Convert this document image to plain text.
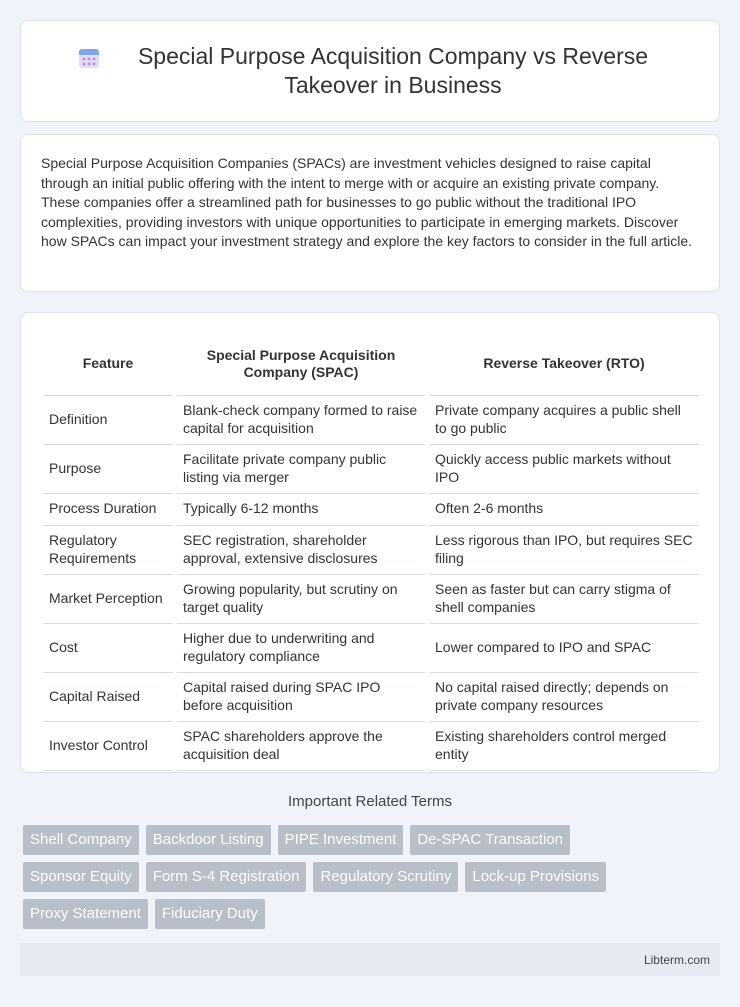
Special Purpose Acquisition Company vs Reverse Takeover in Business

Special Purpose Acquisition Companies (SPACs) are investment vehicles designed to raise capital through an initial public offering with the intent to merge with or acquire an existing private company. These companies offer a streamlined path for businesses to go public without the traditional IPO complexities, providing investors with unique opportunities to participate in emerging markets. Discover how SPACs can impact your investment strategy and explore the key factors to consider in the full article.

Feature	Special Purpose Acquisition Company (SPAC)	Reverse Takeover (RTO)
Definition	Blank-check company formed to raise capital for acquisition	Private company acquires a public shell to go public
Purpose	Facilitate private company public listing via merger	Quickly access public markets without IPO
Process Duration	Typically 6-12 months	Often 2-6 months
Regulatory Requirements	SEC registration, shareholder approval, extensive disclosures	Less rigorous than IPO, but requires SEC filing
Market Perception	Growing popularity, but scrutiny on target quality	Seen as faster but can carry stigma of shell companies
Cost	Higher due to underwriting and regulatory compliance	Lower compared to IPO and SPAC
Capital Raised	Capital raised during SPAC IPO before acquisition	No capital raised directly; depends on private company resources
Investor Control	SPAC shareholders approve the acquisition deal	Existing shareholders control merged entity
Important Related Terms
Shell Company	Backdoor Listing	PIPE Investment	De-SPAC Transaction
Sponsor Equity	Form S-4 Registration	Regulatory Scrutiny	Lock-up Provisions
Proxy Statement	Fiduciary Duty
Libterm.com
